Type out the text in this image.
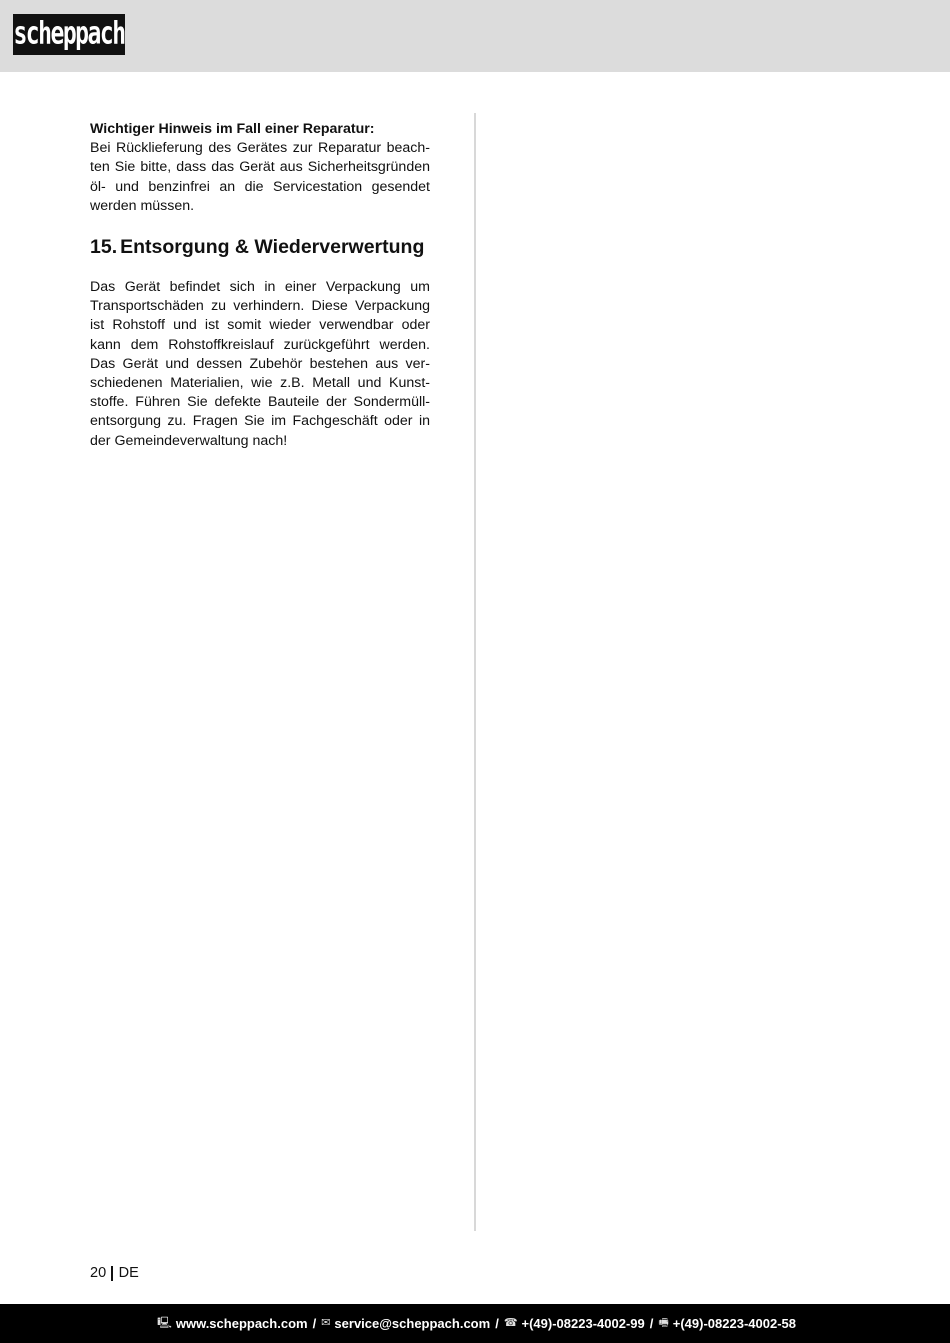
scheppach

Wichtiger Hinweis im Fall einer Reparatur:

Bei Rücklieferung des Gerätes zur Reparatur beach- ten Sie bitte, dass das Gerät aus Sicherheitsgründen öl- und benzinfrei an die Servicestation gesendet werden müssen.

15. Entsorgung & Wiederverwertung

Das Gerät befindet sich in einer Verpackung um Transportschäden zu verhindern. Diese Verpackung ist Rohstoff und ist somit wieder verwendbar oder kann dem Rohstoffkreislauf zurückgeführt werden. Das Gerät und dessen Zubehör bestehen aus ver- schiedenen Materialien, wie z.B. Metall und Kunst- stoffe. Führen Sie defekte Bauteile der Sondermüll- entsorgung zu. Fragen Sie im Fachgeschäft oder in der Gemeindeverwaltung nach!

20 DE
🖳 www.scheppach.com / ✉ service@scheppach.com / ☎ +(49)-08223-4002-99 / 🖷 +(49)-08223-4002-58
